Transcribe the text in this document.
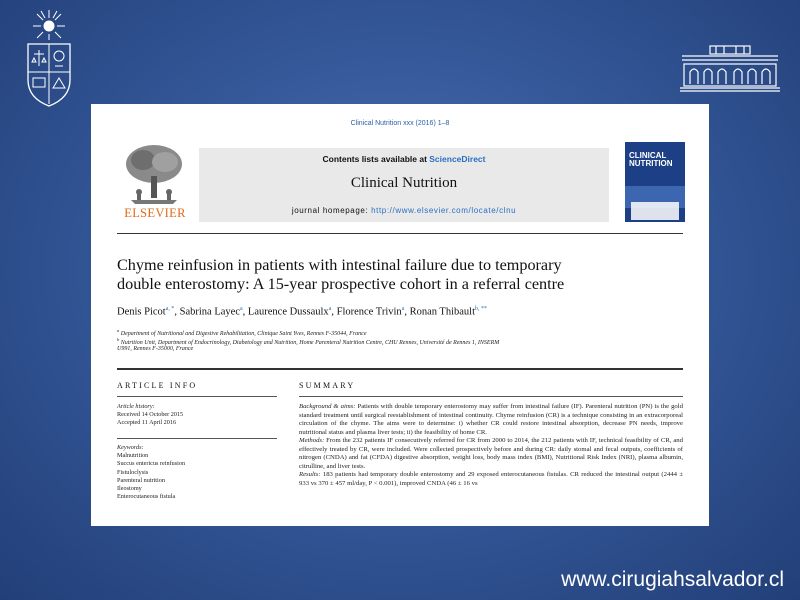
Clinical Nutrition xxx (2016) 1–8
ELSEVIER
Contents lists available at ScienceDirect
Clinical Nutrition
journal homepage: http://www.elsevier.com/locate/clnu
CLINICAL
NUTRITION
Chyme reinfusion in patients with intestinal failure due to temporary
double enterostomy: A 15-year prospective cohort in a referral centre
Denis Picot$^{a, *}$, Sabrina Layec$^a$, Laurence Dussaulx$^a$, Florence Trivin$^a$, Ronan Thibault$^{b, **}$
$^a$ Department of Nutritional and Digestive Rehabilitation, Clinique Saint Yves, Rennes F-35044, France
$^b$ Nutrition Unit, Department of Endocrinology, Diabetology and Nutrition, Home Parenteral Nutrition Centre, CHU Rennes, Université de Rennes 1, INSERM
U991, Rennes F-35000, France
ARTICLE INFO	SUMMARY
Article history:
Received 14 October 2015
Accepted 11 April 2016
Keywords:
Malnutrition
Succus entericus reinfusion
Fistuloclysis
Parenteral nutrition
Ileostomy
Enterocutaneous fistula

Background & aims: Patients with double temporary enterostomy may suffer from intestinal failure (IF). Parenteral nutrition (PN) is the gold standard treatment until surgical reestablishment of intestinal continuity. Chyme reinfusion (CR) is a technique consisting in an extracorporeal circulation of the chyme. The aims were to determine: i) whether CR could restore intestinal absorption, decrease PN needs, improve nutritional status and plasma liver tests; ii) the feasibility of home CR.

Methods: From the 232 patients IF consecutively referred for CR from 2000 to 2014, the 212 patients with IF, technical feasibility of CR, and effectively treated by CR, were included. Were collected prospectively before and during CR: daily stomal and fecal outputs, coefficients of nitrogen (CNDA) and fat (CFDA) digestive absorption, weight loss, body mass index (BMI), Nutritional Risk Index (NRI), plasma albumin, citrulline, and liver tests.

Results: 183 patients had temporary double enterostomy and 29 exposed enterocutaneous fistulas. CR reduced the intestinal output (2444 ± 933 vs 370 ± 457 ml/day, P < 0.001), improved CNDA (46 ± 16 vs

www.cirugiahsalvador.cl
